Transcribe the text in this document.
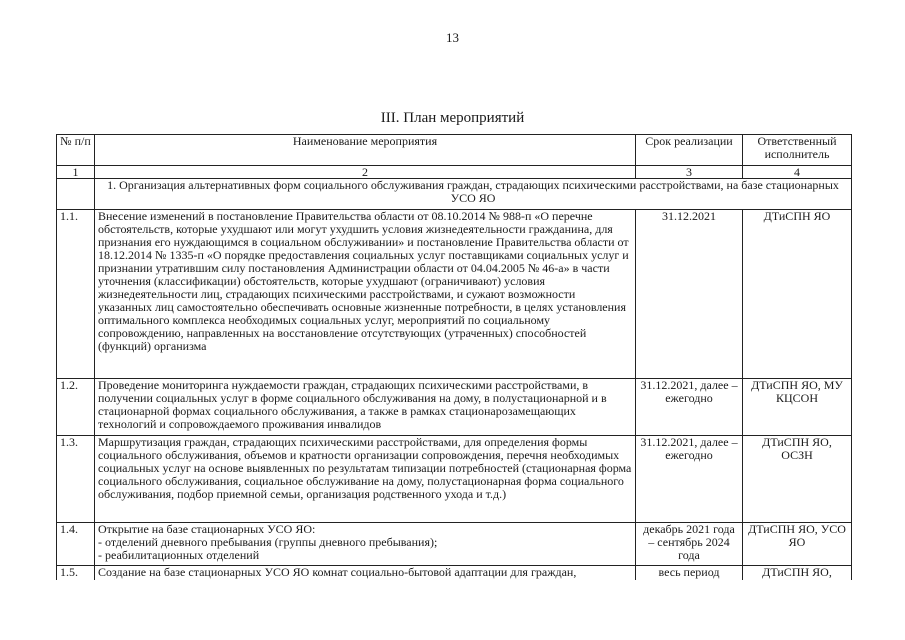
13
III. План мероприятий
№ п/п	Наименование мероприятия	Срок реализации	Ответственный исполнитель
1	2	3	4
	1. Организация альтернативных форм социального обслуживания граждан, страдающих психическими расстройствами, на базе стационарных УСО ЯО		
1.1.	Внесение изменений в постановление Правительства области от 08.10.2014 № 988-п «О перечне обстоятельств, которые ухудшают или могут ухудшить условия жизнедеятельности гражданина, для признания его нуждающимся в социальном обслуживании» и постановление Правительства области от 18.12.2014 № 1335-п «О порядке предоставления социальных услуг поставщиками социальных услуг и признании утратившим силу постановления Администрации области от 04.04.2005 № 46-а» в части уточнения (классификации) обстоятельств, которые ухудшают (ограничивают) условия жизнедеятельности лиц, страдающих психическими расстройствами, и сужают возможности указанных лиц самостоятельно обеспечивать основные жизненные потребности, в целях установления оптимального комплекса необходимых социальных услуг, мероприятий по социальному сопровождению, направленных на восстановление отсутствующих (утраченных) способностей (функций) организма	31.12.2021	ДТиСПН ЯО
1.2.	Проведение мониторинга нуждаемости граждан, страдающих психическими расстройствами, в получении социальных услуг в форме социального обслуживания на дому, в полустационарной и в стационарной формах социального обслуживания, а также в рамках стационарозамещающих технологий и сопровождаемого проживания инвалидов	31.12.2021, далее – ежегодно	ДТиСПН ЯО, МУ КЦСОН
1.3.	Маршрутизация граждан, страдающих психическими расстройствами, для определения формы социального обслуживания, объемов и кратности организации сопровождения, перечня необходимых социальных услуг на основе выявленных по результатам типизации потребностей (стационарная форма социального обслуживания, социальное обслуживание на дому, полустационарная форма социального обслуживания, подбор приемной семьи, организация родственного ухода и т.д.)	31.12.2021, далее – ежегодно	ДТиСПН ЯО, ОСЗН
1.4.	Открытие на базе стационарных УСО ЯО:
- отделений дневного пребывания (группы дневного пребывания);
- реабилитационных отделений	декабрь 2021 года – сентябрь 2024 года	ДТиСПН ЯО, УСО ЯО
1.5.	Создание на базе стационарных УСО ЯО комнат социально-бытовой адаптации для граждан,	весь период	ДТиСПН ЯО,
